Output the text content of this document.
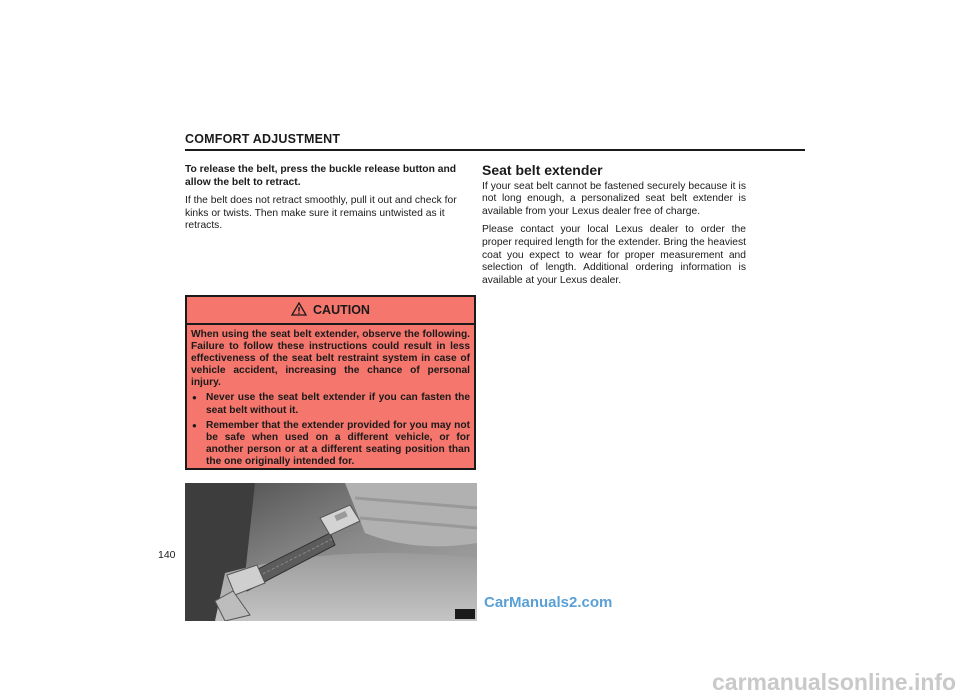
COMFORT ADJUSTMENT

To release the belt, press the buckle release button and allow the belt to retract.

If the belt does not retract smoothly, pull it out and check for kinks or twists. Then make sure it remains untwisted as it retracts.

Seat belt extender

If your seat belt cannot be fastened securely because it is not long enough, a personalized seat belt extender is available from your Lexus dealer free of charge.

Please contact your local Lexus dealer to order the proper required length for the extender. Bring the heaviest coat you expect to wear for proper measurement and selection of length. Additional ordering information is available at your Lexus dealer.

CAUTION

When using the seat belt extender, observe the following. Failure to follow these instructions could result in less effectiveness of the seat belt restraint system in case of vehicle accident, increasing the chance of personal injury.

● Never use the seat belt extender if you can fasten the seat belt without it.
● Remember that the extender provided for you may not be safe when used on a different vehicle, or for another person or at a different seating position than the one originally intended for.
140
CarManuals2.com
carmanualsonline.info
